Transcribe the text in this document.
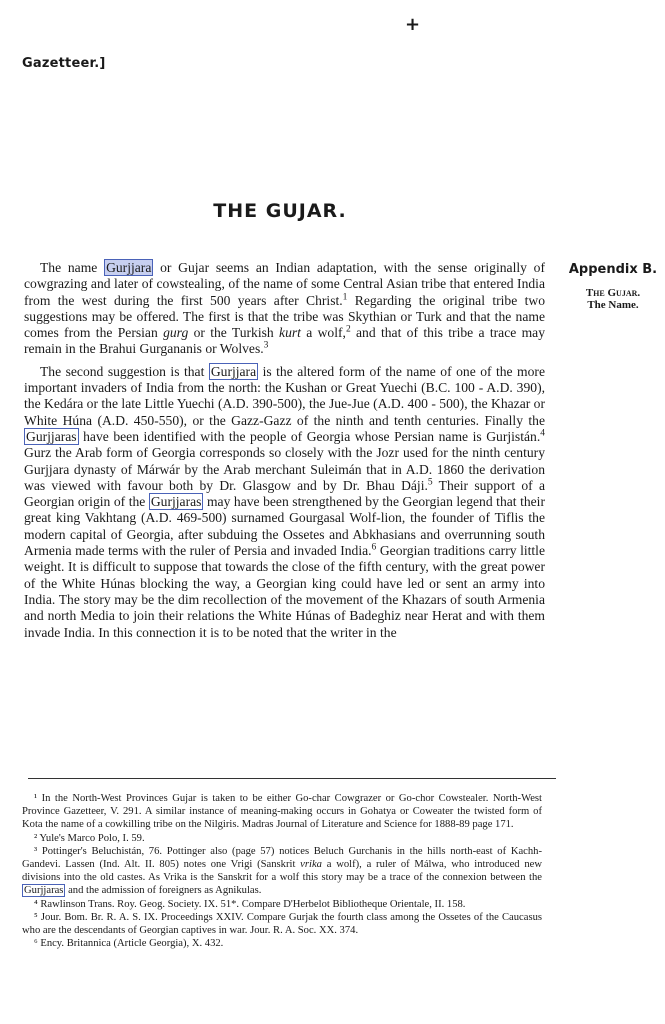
+
Gazetteer.]
THE GUJAR.
Appendix B.
The Gujar.
The Name.

The name Gurjjara or Gujar seems an Indian adaptation, with the sense originally of cowgrazing and later of cowstealing, of the name of some Central Asian tribe that entered India from the west during the first 500 years after Christ.$^1$ Regarding the original tribe two suggestions may be offered. The first is that the tribe was Skythian or Turk and that the name comes from the Persian gurg or the Turkish kurt a wolf,$^2$ and that of this tribe a trace may remain in the Brahui Gurgananis or Wolves.$^3$

The second suggestion is that Gurjjara is the altered form of the name of one of the more important invaders of India from the north: the Kushan or Great Yuechi (B.C. 100 - A.D. 390), the Kedára or the late Little Yuechi (A.D. 390-500), the Jue-Jue (A.D. 400 - 500), the Khazar or White Húna (A.D. 450-550), or the Gazz-Gazz of the ninth and tenth centuries. Finally the Gurjjaras have been identified with the people of Georgia whose Persian name is Gurjistán.$^4$ Gurz the Arab form of Georgia corresponds so closely with the Jozr used for the ninth century Gurjjara dynasty of Márwár by the Arab merchant Suleimán that in A.D. 1860 the derivation was viewed with favour both by Dr. Glasgow and by Dr. Bhau Dáji.$^5$ Their support of a Georgian origin of the Gurjjaras may have been strengthened by the Georgian legend that their great king Vakhtang (A.D. 469-500) surnamed Gourgasal Wolf-lion, the founder of Tiflis the modern capital of Georgia, after subduing the Ossetes and Abkhasians and overrunning south Armenia made terms with the ruler of Persia and invaded India.$^6$ Georgian traditions carry little weight. It is difficult to suppose that towards the close of the fifth century, with the great power of the White Húnas blocking the way, a Georgian king could have led or sent an army into India. The story may be the dim recollection of the movement of the Khazars of south Armenia and north Media to join their relations the White Húnas of Badeghiz near Herat and with them invade India. In this connection it is to be noted that the writer in the

¹ In the North-West Provinces Gujar is taken to be either Go-char Cowgrazer or Go-chor Cowstealer. North-West Province Gazetteer, V. 291. A similar instance of meaning-making occurs in Gohatya or Coweater the twisted form of Kota the name of a cowkilling tribe on the Nilgiris. Madras Journal of Literature and Science for 1888-89 page 171.

² Yule's Marco Polo, I. 59.

³ Pottinger's Beluchistán, 76. Pottinger also (page 57) notices Beluch Gurchanis in the hills north-east of Kachh-Gandevi. Lassen (Ind. Alt. II. 805) notes one Vrigi (Sanskrit vrika a wolf), a ruler of Málwa, who introduced new divisions into the old castes. As Vrika is the Sanskrit for a wolf this story may be a trace of the connexion between the Gurjjaras and the admission of foreigners as Agnikulas.

⁴ Rawlinson Trans. Roy. Geog. Society. IX. 51*. Compare D'Herbelot Bibliotheque Orientale, II. 158.

⁵ Jour. Bom. Br. R. A. S. IX. Proceedings XXIV. Compare Gurjak the fourth class among the Ossetes of the Caucasus who are the descendants of Georgian captives in war. Jour. R. A. Soc. XX. 374.

⁶ Ency. Britannica (Article Georgia), X. 432.
